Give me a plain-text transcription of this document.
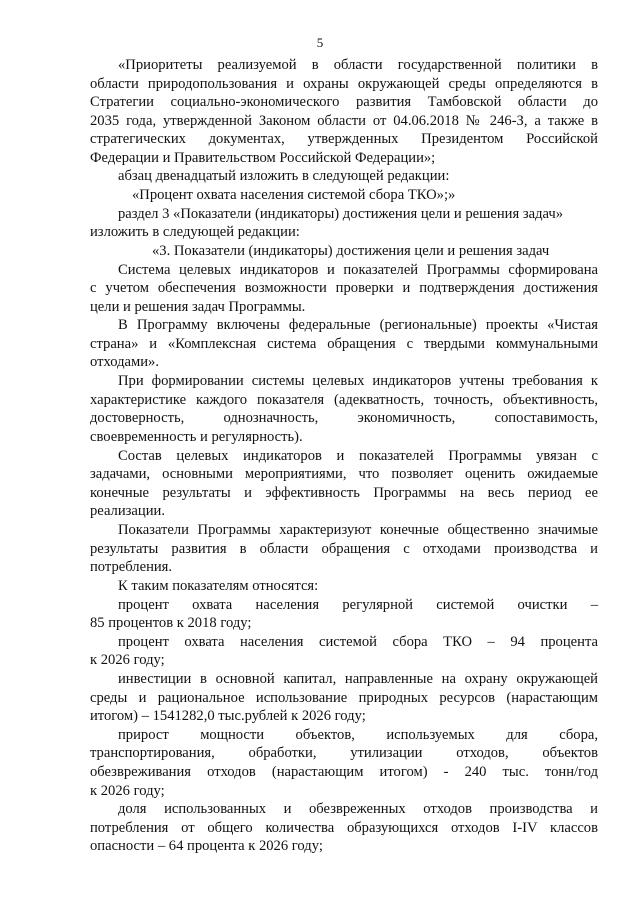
5
«Приоритеты реализуемой в области государственной политики в
области природопользования и охраны окружающей среды определяются в
Стратегии социально-экономического развития Тамбовской области до
2035 года, утвержденной Законом области от 04.06.2018 № 246-З, а также в
стратегических документах, утвержденных Президентом Российской
Федерации и Правительством Российской Федерации»;
абзац двенадцатый изложить в следующей редакции:
«Процент охвата населения системой сбора ТКО»;»
раздел 3 «Показатели (индикаторы) достижения цели и решения задач»
изложить в следующей редакции:
«3. Показатели (индикаторы) достижения цели и решения задач
Система целевых индикаторов и показателей Программы сформирована
с учетом обеспечения возможности проверки и подтверждения достижения
цели и решения задач Программы.
В Программу включены федеральные (региональные) проекты «Чистая
страна» и «Комплексная система обращения с твердыми коммунальными
отходами».
При формировании системы целевых индикаторов учтены требования к
характеристике каждого показателя (адекватность, точность, объективность,
достоверность, однозначность, экономичность, сопоставимость,
своевременность и регулярность).
Состав целевых индикаторов и показателей Программы увязан с
задачами, основными мероприятиями, что позволяет оценить ожидаемые
конечные результаты и эффективность Программы на весь период ее
реализации.
Показатели Программы характеризуют конечные общественно значимые
результаты развития в области обращения с отходами производства и
потребления.
К таким показателям относятся:
процент охвата населения регулярной системой очистки –
85 процентов к 2018 году;
процент охвата населения системой сбора ТКО – 94 процента
к 2026 году;
инвестиции в основной капитал, направленные на охрану окружающей
среды и рациональное использование природных ресурсов (нарастающим
итогом) – 1541282,0 тыс.рублей к 2026 году;
прирост мощности объектов, используемых для сбора,
транспортирования, обработки, утилизации отходов, объектов
обезвреживания отходов (нарастающим итогом) - 240 тыс. тонн/год
к 2026 году;
доля использованных и обезвреженных отходов производства и
потребления от общего количества образующихся отходов I-IV классов
опасности – 64 процента к 2026 году;
